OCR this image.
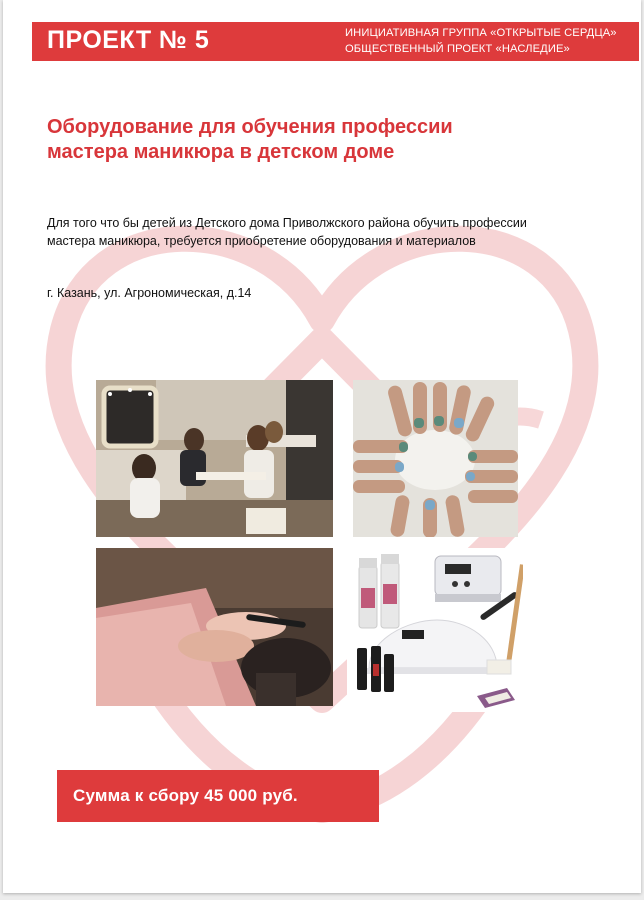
ПРОЕКТ № 5	ИНИЦИАТИВНАЯ ГРУППА «ОТКРЫТЫЕ СЕРДЦА»
ОБЩЕСТВЕННЫЙ ПРОЕКТ «НАСЛЕДИЕ»
Оборудование для обучения профессии
мастера маникюра в детском доме
Для того что бы детей из Детского дома Приволжского района обучить профессии
мастера маникюра, требуется приобретение оборудования и материалов
г. Казань, ул. Агрономическая, д.14
Сумма к сбору 45 000 руб.
